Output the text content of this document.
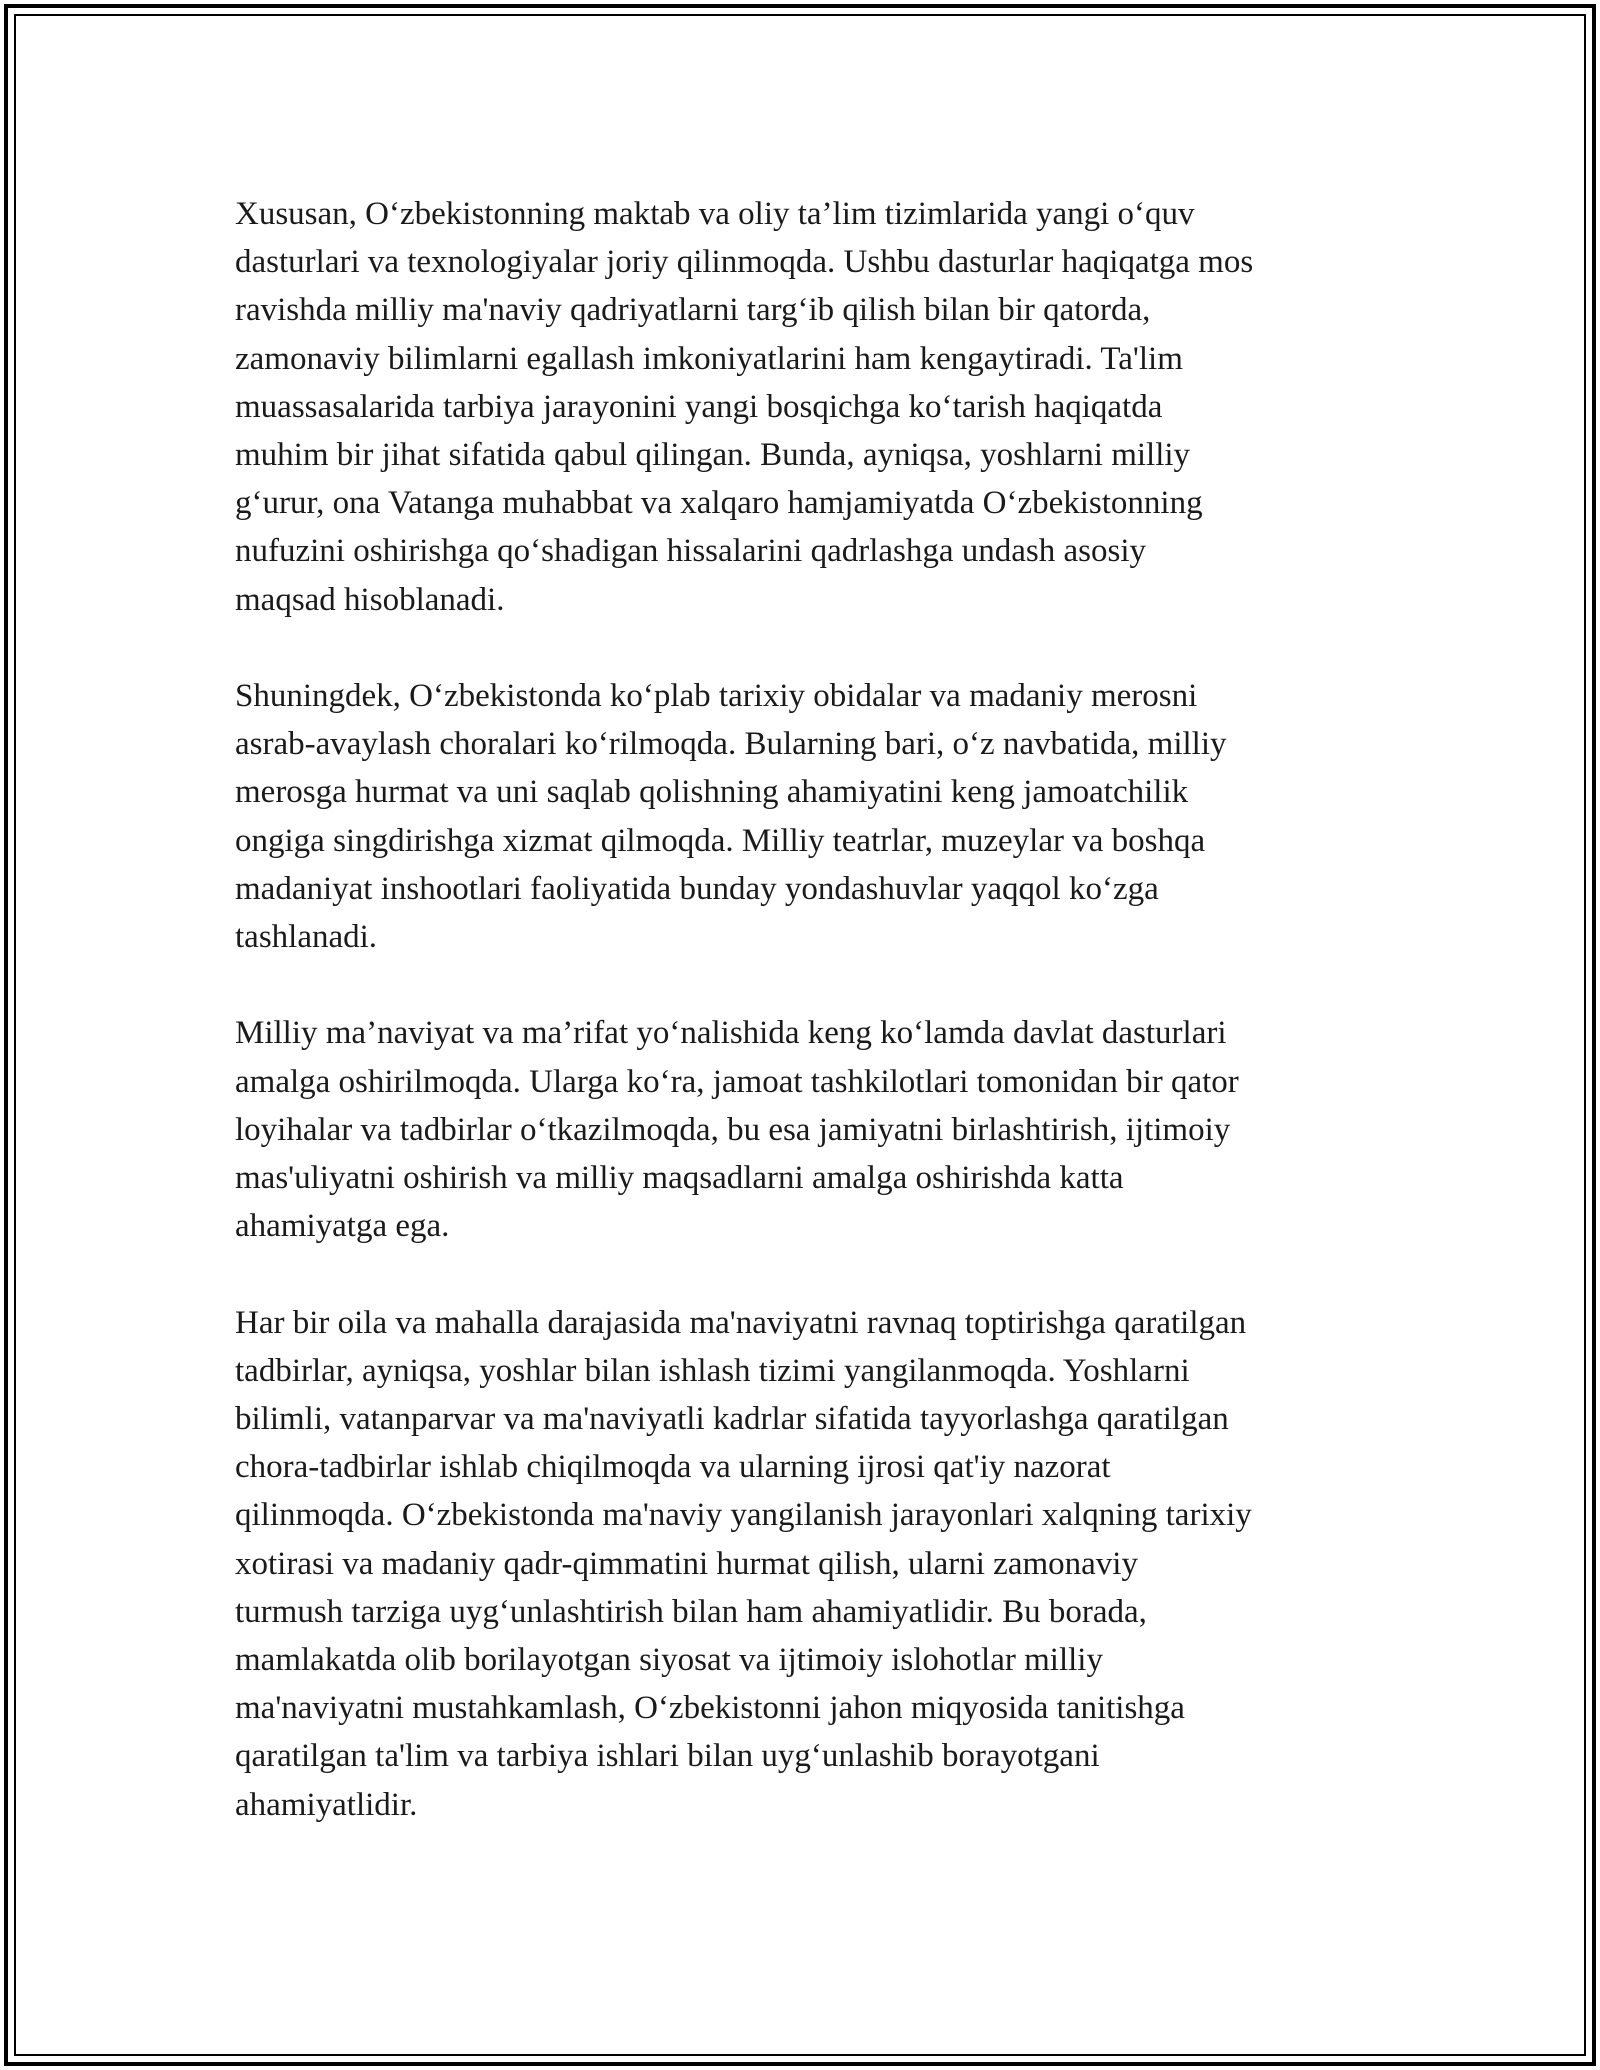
Xususan, O‘zbekistonning maktab va oliy ta’lim tizimlarida yangi o‘quv
dasturlari va texnologiyalar joriy qilinmoqda. Ushbu dasturlar haqiqatga mos
ravishda milliy ma'naviy qadriyatlarni targ‘ib qilish bilan bir qatorda,
zamonaviy bilimlarni egallash imkoniyatlarini ham kengaytiradi. Ta'lim
muassasalarida tarbiya jarayonini yangi bosqichga ko‘tarish haqiqatda
muhim bir jihat sifatida qabul qilingan. Bunda, ayniqsa, yoshlarni milliy
g‘urur, ona Vatanga muhabbat va xalqaro hamjamiyatda O‘zbekistonning
nufuzini oshirishga qo‘shadigan hissalarini qadrlashga undash asosiy
maqsad hisoblanadi.

Shuningdek, O‘zbekistonda ko‘plab tarixiy obidalar va madaniy merosni
asrab-avaylash choralari ko‘rilmoqda. Bularning bari, o‘z navbatida, milliy
merosga hurmat va uni saqlab qolishning ahamiyatini keng jamoatchilik
ongiga singdirishga xizmat qilmoqda. Milliy teatrlar, muzeylar va boshqa
madaniyat inshootlari faoliyatida bunday yondashuvlar yaqqol ko‘zga
tashlanadi.

Milliy ma’naviyat va ma’rifat yo‘nalishida keng ko‘lamda davlat dasturlari
amalga oshirilmoqda. Ularga ko‘ra, jamoat tashkilotlari tomonidan bir qator
loyihalar va tadbirlar o‘tkazilmoqda, bu esa jamiyatni birlashtirish, ijtimoiy
mas'uliyatni oshirish va milliy maqsadlarni amalga oshirishda katta
ahamiyatga ega.

Har bir oila va mahalla darajasida ma'naviyatni ravnaq toptirishga qaratilgan
tadbirlar, ayniqsa, yoshlar bilan ishlash tizimi yangilanmoqda. Yoshlarni
bilimli, vatanparvar va ma'naviyatli kadrlar sifatida tayyorlashga qaratilgan
chora-tadbirlar ishlab chiqilmoqda va ularning ijrosi qat'iy nazorat
qilinmoqda. O‘zbekistonda ma'naviy yangilanish jarayonlari xalqning tarixiy
xotirasi va madaniy qadr-qimmatini hurmat qilish, ularni zamonaviy
turmush tarziga uyg‘unlashtirish bilan ham ahamiyatlidir. Bu borada,
mamlakatda olib borilayotgan siyosat va ijtimoiy islohotlar milliy
ma'naviyatni mustahkamlash, O‘zbekistonni jahon miqyosida tanitishga
qaratilgan ta'lim va tarbiya ishlari bilan uyg‘unlashib borayotgani
ahamiyatlidir.
